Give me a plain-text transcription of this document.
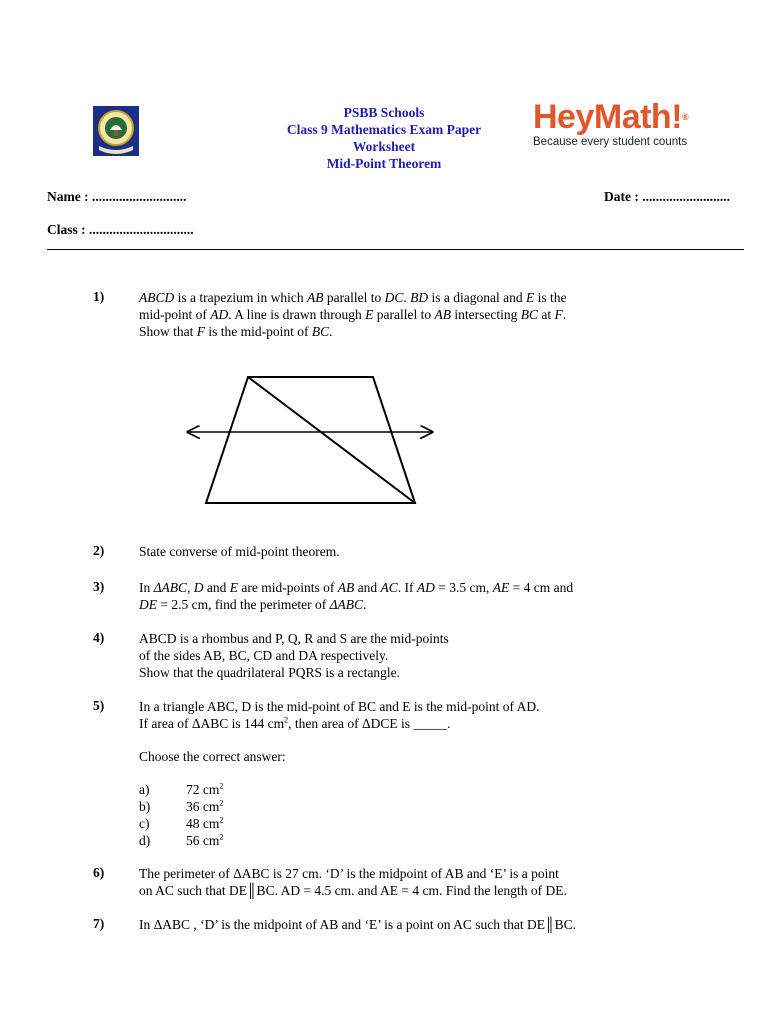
PSBB Schools
Class 9 Mathematics Exam Paper
Worksheet
Mid-Point Theorem
HeyMath!®
Because every student counts
Name : ............................	Date : ..........................
Class : ...............................
1)	ABCD is a trapezium in which AB parallel to DC. BD is a diagonal and E is the
mid-point of AD. A line is drawn through E parallel to AB intersecting BC at F.
Show that F is the mid-point of BC.
2)	State converse of mid-point theorem.
3)	In ΔABC, D and E are mid-points of AB and AC. If AD = 3.5 cm, AE = 4 cm and
DE = 2.5 cm, find the perimeter of ΔABC.
4)	ABCD is a rhombus and P, Q, R and S are the mid-points
of the sides AB, BC, CD and DA respectively.
Show that the quadrilateral PQRS is a rectangle.
5)	In a triangle ABC, D is the mid-point of BC and E is the mid-point of AD.
If area of ΔABC is 144 $cm^2$, then area of ΔDCE is _____.
Choose the correct answer:
a)	72 $cm^2$
b)	36 $cm^2$
c)	48 $cm^2$
d)	56 $cm^2$
6)	The perimeter of ΔABC is 27 cm. ‘D’ is the midpoint of AB and ‘E’ is a point
on AC such that DE║BC. AD = 4.5 cm. and AE = 4 cm. Find the length of DE.
7)	In ΔABC , ‘D’ is the midpoint of AB and ‘E’ is a point on AC such that DE║BC.
